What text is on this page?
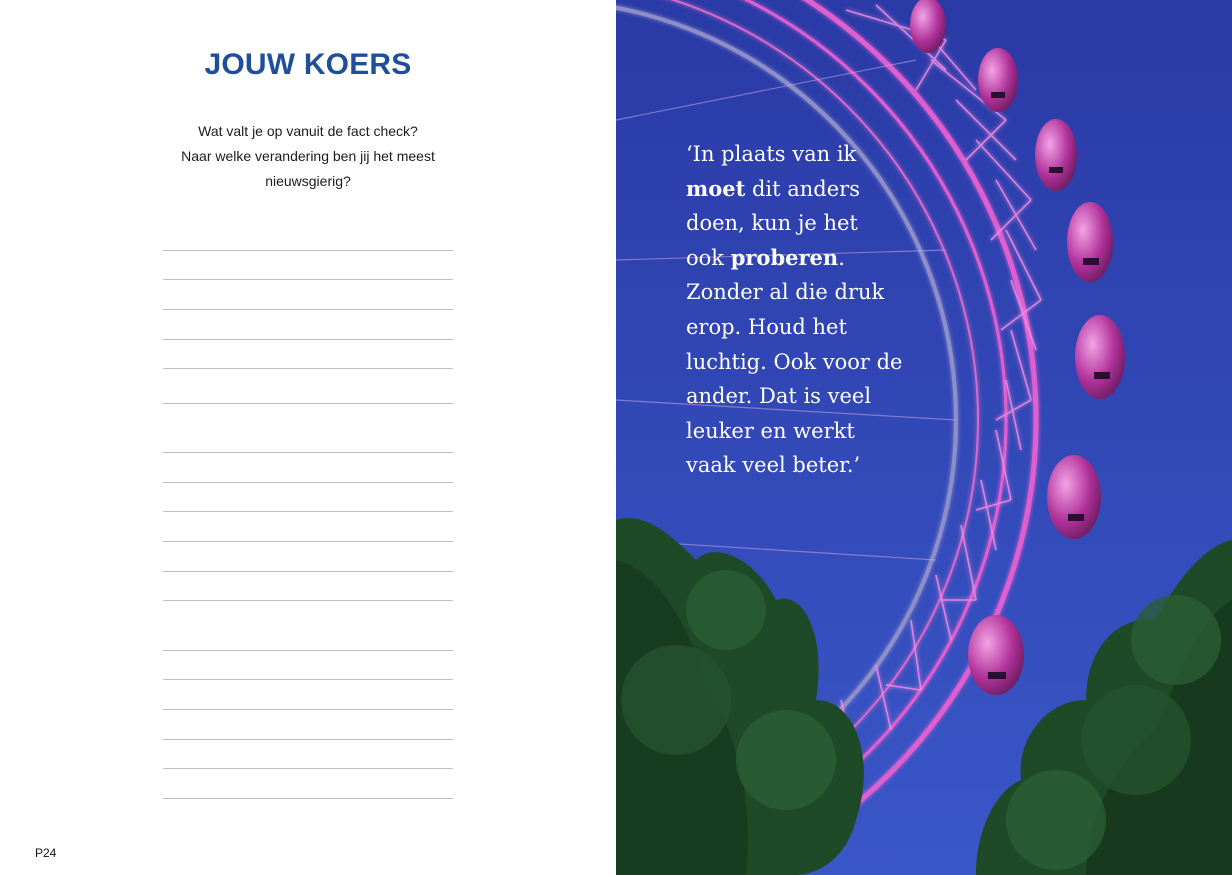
JOUW KOERS
Wat valt je op vanuit de fact check?
Naar welke verandering ben jij het meest
nieuwsgierig?
P24
‘In plaats van ik
moet dit anders
doen, kun je het
ook proberen.
Zonder al die druk
erop. Houd het
luchtig. Ook voor de
ander. Dat is veel
leuker en werkt
vaak veel beter.’
